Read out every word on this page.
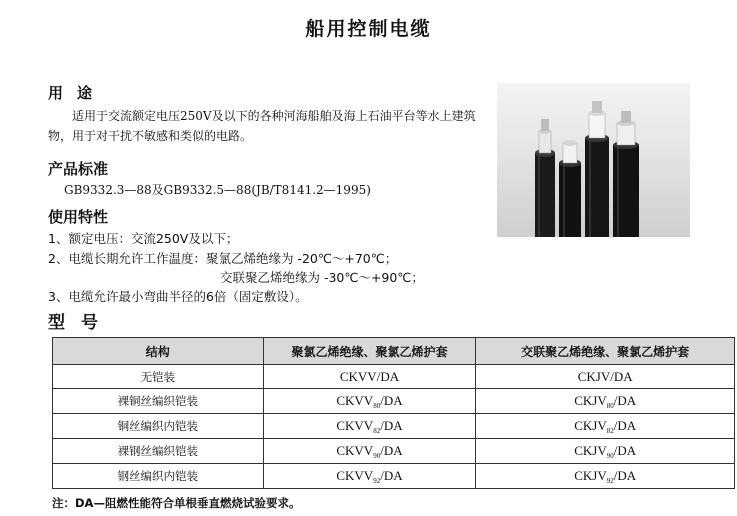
船用控制电缆
用途
适用于交流额定电压250V及以下的各种河海船舶及海上石油平台等水上建筑物，用于对干扰不敏感和类似的电路。
产品标准
GB9332.3—88及GB9332.5—88(JB/T8141.2—1995)
使用特性
1、额定电压：交流250V及以下；
2、电缆长期允许工作温度：聚氯乙烯绝缘为 -20℃～+70℃；
交联聚乙烯绝缘为 -30℃～+90℃；
3、电缆允许最小弯曲半径的6倍（固定敷设）。
型号
结构	聚氯乙烯绝缘、聚氯乙烯护套	交联聚乙烯绝缘、聚氯乙烯护套
无铠装	CKVV/DA	CKJV/DA
裸铜丝编织铠装	$CKVV_{80}/DA$	$CKJV_{80}/DA$
铜丝编织内铠装	$CKVV_{82}/DA$	$CKJV_{82}/DA$
裸钢丝编织铠装	$CKVV_{90}/DA$	$CKJV_{90}/DA$
钢丝编织内铠装	$CKVV_{92}/DA$	$CKJV_{92}/DA$
注：DA—阻燃性能符合单根垂直燃烧试验要求。
